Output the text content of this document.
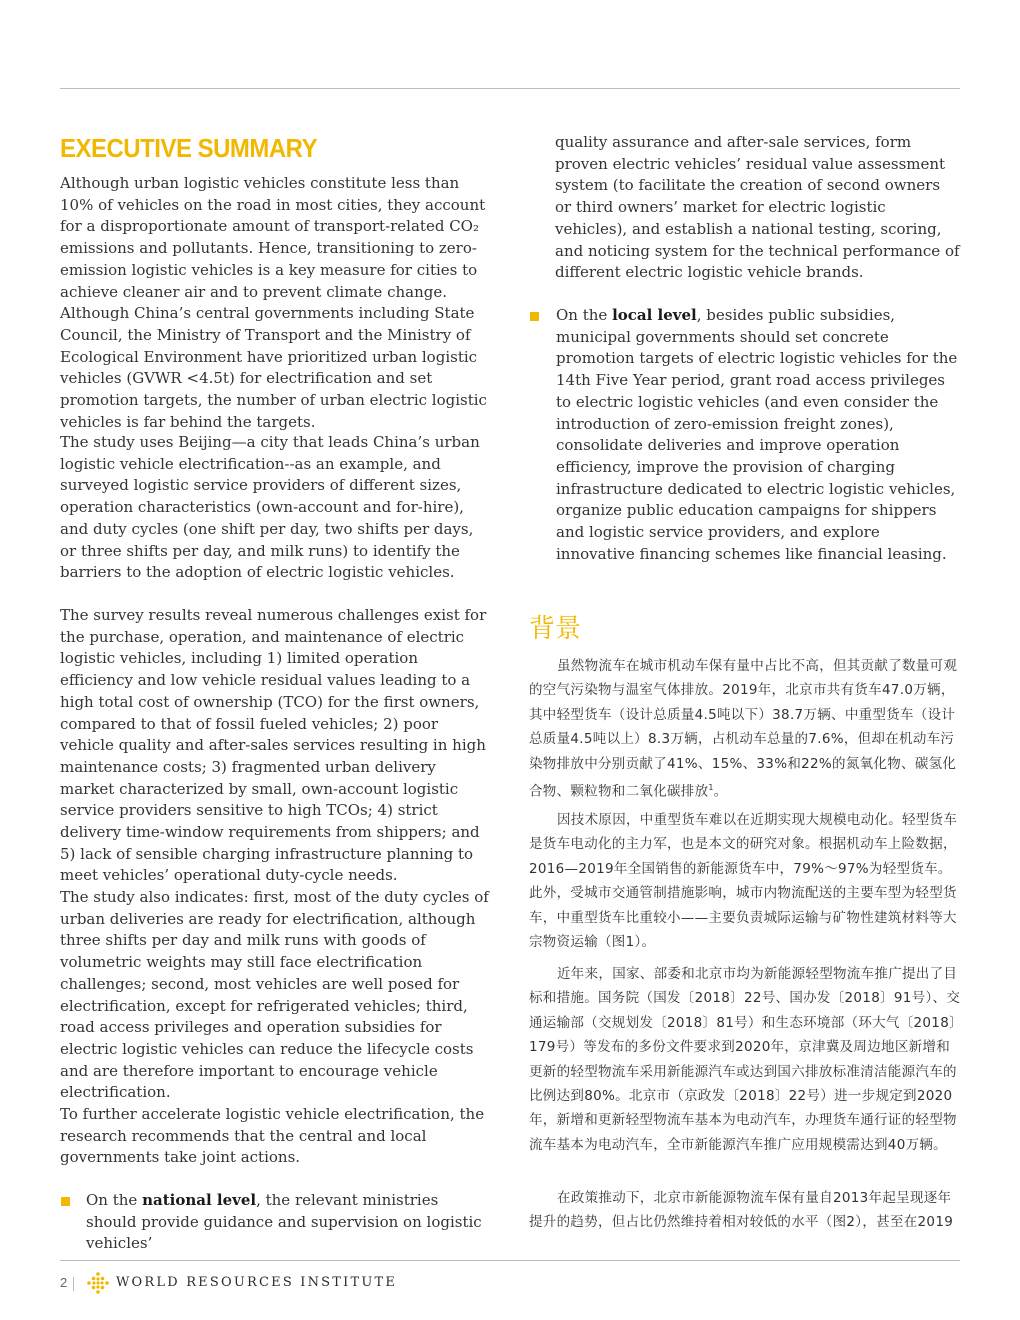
EXECUTIVE SUMMARY

Although urban logistic vehicles constitute less than 10% of vehicles on the road in most cities, they account for a disproportionate amount of transport-related CO₂ emissions and pollutants. Hence, transitioning to zero-emission logistic vehicles is a key measure for cities to achieve cleaner air and to prevent climate change. Although China’s central governments including State Council, the Ministry of Transport and the Ministry of Ecological Environment have prioritized urban logistic vehicles (GVWR <4.5t) for electrification and set promotion targets, the number of urban electric logistic vehicles is far behind the targets.

The study uses Beijing—a city that leads China’s urban logistic vehicle electrification--as an example, and surveyed logistic service providers of different sizes, operation characteristics (own-account and for-hire), and duty cycles (one shift per day, two shifts per days, or three shifts per day, and milk runs) to identify the barriers to the adoption of electric logistic vehicles.

The survey results reveal numerous challenges exist for the purchase, operation, and maintenance of electric logistic vehicles, including 1) limited operation efficiency and low vehicle residual values leading to a high total cost of ownership (TCO) for the first owners, compared to that of fossil fueled vehicles; 2) poor vehicle quality and after-sales services resulting in high maintenance costs; 3) fragmented urban delivery market characterized by small, own-account logistic service providers sensitive to high TCOs; 4) strict delivery time-window requirements from shippers; and 5) lack of sensible charging infrastructure planning to meet vehicles’ operational duty-cycle needs.

The study also indicates: first, most of the duty cycles of urban deliveries are ready for electrification, although three shifts per day and milk runs with goods of volumetric weights may still face electrification challenges; second, most vehicles are well posed for electrification, except for refrigerated vehicles; third, road access privileges and operation subsidies for electric logistic vehicles can reduce the lifecycle costs and are therefore important to encourage vehicle electrification.

To further accelerate logistic vehicle electrification, the research recommends that the central and local governments take joint actions.

On the national level, the relevant ministries should provide guidance and supervision on logistic vehicles’

quality assurance and after-sale services, form proven electric vehicles’ residual value assessment system (to facilitate the creation of second owners or third owners’ market for electric logistic vehicles), and establish a national testing, scoring, and noticing system for the technical performance of different electric logistic vehicle brands.

On the local level, besides public subsidies, municipal governments should set concrete promotion targets of electric logistic vehicles for the 14th Five Year period, grant road access privileges to electric logistic vehicles (and even consider the introduction of zero-emission freight zones), consolidate deliveries and improve operation efficiency, improve the provision of charging infrastructure dedicated to electric logistic vehicles, organize public education campaigns for shippers and logistic service providers, and explore innovative financing schemes like financial leasing.

背景

虽然物流车在城市机动车保有量中占比不高，但其贡献了数量可观的空气污染物与温室气体排放。2019年，北京市共有货车47.0万辆，其中轻型货车（设计总质量4.5吨以下）38.7万辆、中重型货车（设计总质量4.5吨以上）8.3万辆，占机动车总量的7.6%，但却在机动车污染物排放中分别贡献了41%、15%、33%和22%的氮氧化物、碳氢化合物、颗粒物和二氧化碳排放$^1$。

因技术原因，中重型货车难以在近期实现大规模电动化。轻型货车是货车电动化的主力军，也是本文的研究对象。根据机动车上险数据，2016—2019年全国销售的新能源货车中，79%～97%为轻型货车。此外，受城市交通管制措施影响，城市内物流配送的主要车型为轻型货车，中重型货车比重较小——主要负责城际运输与矿物性建筑材料等大宗物资运输（图1）。

近年来，国家、部委和北京市均为新能源轻型物流车推广提出了目标和措施。国务院（国发〔2018〕22号、国办发〔2018〕91号）、交通运输部（交规划发〔2018〕81号）和生态环境部（环大气〔2018〕179号）等发布的多份文件要求到2020年，京津冀及周边地区新增和更新的轻型物流车采用新能源汽车或达到国六排放标准清洁能源汽车的比例达到80%。北京市（京政发〔2018〕22号）进一步规定到2020年，新增和更新轻型物流车基本为电动汽车，办理货车通行证的轻型物流车基本为电动汽车，全市新能源汽车推广应用规模需达到40万辆。

在政策推动下，北京市新能源物流车保有量自2013年起呈现逐年提升的趋势，但占比仍然维持着相对较低的水平（图2），甚至在2019

2	WORLD RESOURCES INSTITUTE
